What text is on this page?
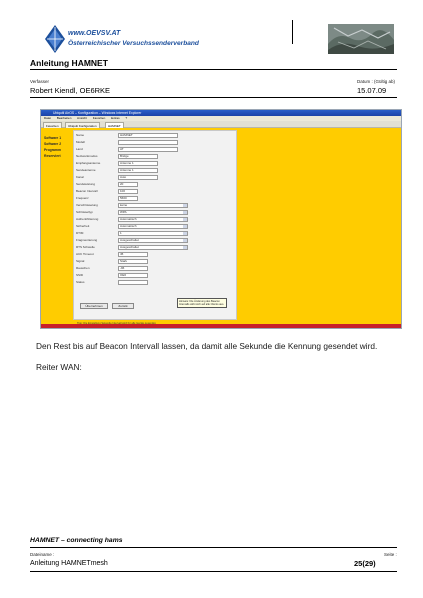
www.OEVSV.AT
Österreichischer Versuchssenderverband
Anleitung HAMNET
Verfasser
Robert Kiendl, OE6RKE
Datum : (Gültig ab)
15.07.09
Ubiquiti AirOS – Konfiguration – Windows Internet Explorer
Datei Bearbeiten Ansicht Favoriten Extras ?
Favoriten	Ubiquiti Konfiguration	HAMNET
Software 1
Software 2
Programm
Reserviert
Name	HAMNET
Modell
Land	AT
Netzwerkmodus	Bridge
Empfangsantenne	Antenne 1
Sendeantenne	Antenne 1
Kanal	Auto
Sendeleistung	20
Beacon Intervall	100
Frequenz	5660
Verschlüsselung	keine
Schlüsseltyp	WPA
Authentifizierung	Automatisch
Sicherheit	Automatisch
DTIM	1
Fragmentierung	Ausgeschaltet
RTS Schwelle	Ausgeschaltet
ACK Timeout	45
Signal	Stark
Rauschen	-96
SSID	OE6
Status
Übernehmen	Zurück
Hinweis: Die Änderung des Beacon Intervalls wirkt sich auf alle Clients aus.
Den Rest bis auf Beacon Intervall lassen, da damit alle Sekunde die Kennung gesendet wird.
Reiter WAN:
HAMNET – connecting hams
Dateiname :
Anleitung HAMNETmesh
Seite :
25(29)
